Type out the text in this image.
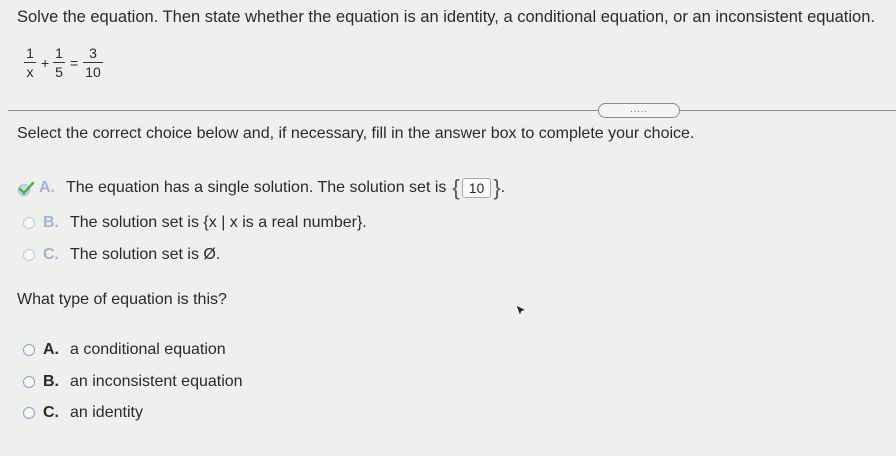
Solve the equation. Then state whether the equation is an identity, a conditional equation, or an inconsistent equation.
1
x
+
1
5
=
3
10
.....
Select the correct choice below and, if necessary, fill in the answer box to complete your choice.
A. The equation has a single solution. The solution set is { 10 } .
B. The solution set is {x | x is a real number}.
C. The solution set is Ø.
What type of equation is this?
A. a conditional equation
B. an inconsistent equation
C. an identity
